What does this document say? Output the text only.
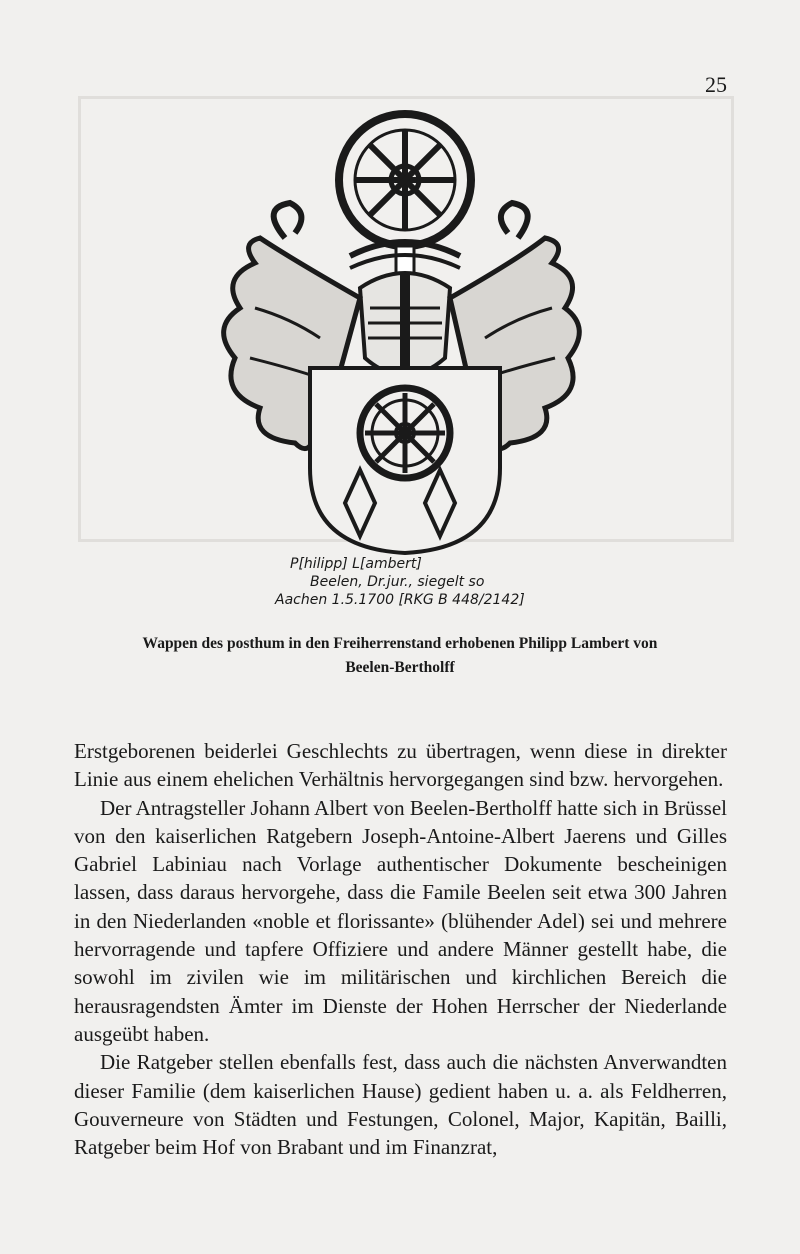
25
P[hilipp] L[ambert]
Beelen, Dr.jur., siegelt so
Aachen 1.5.1700 [RKG B 448/2142]
Wappen des posthum in den Freiherrenstand erhobenen Philipp Lambert von
Beelen-Bertholff

Erstgeborenen beiderlei Geschlechts zu übertragen, wenn diese in direkter Linie aus einem ehelichen Verhältnis hervorgegangen sind bzw. hervorgehen.

Der Antragsteller Johann Albert von Beelen-Bertholff hatte sich in Brüssel von den kaiserlichen Ratgebern Joseph-Antoine-Albert Jaerens und Gilles Gabriel Labiniau nach Vorlage authentischer Dokumente bescheinigen lassen, dass daraus hervorgehe, dass die Famile Beelen seit etwa 300 Jahren in den Niederlanden «noble et florissante» (blühender Adel) sei und mehrere hervorragende und tapfere Offiziere und andere Männer gestellt habe, die sowohl im zivilen wie im militärischen und kirchlichen Bereich die herausragendsten Ämter im Dienste der Hohen Herrscher der Niederlande ausgeübt haben.

Die Ratgeber stellen ebenfalls fest, dass auch die nächsten Anverwandten dieser Familie (dem kaiserlichen Hause) gedient haben u. a. als Feldherren, Gouverneure von Städten und Festungen, Colonel, Major, Kapitän, Bailli, Ratgeber beim Hof von Brabant und im Finanzrat,
